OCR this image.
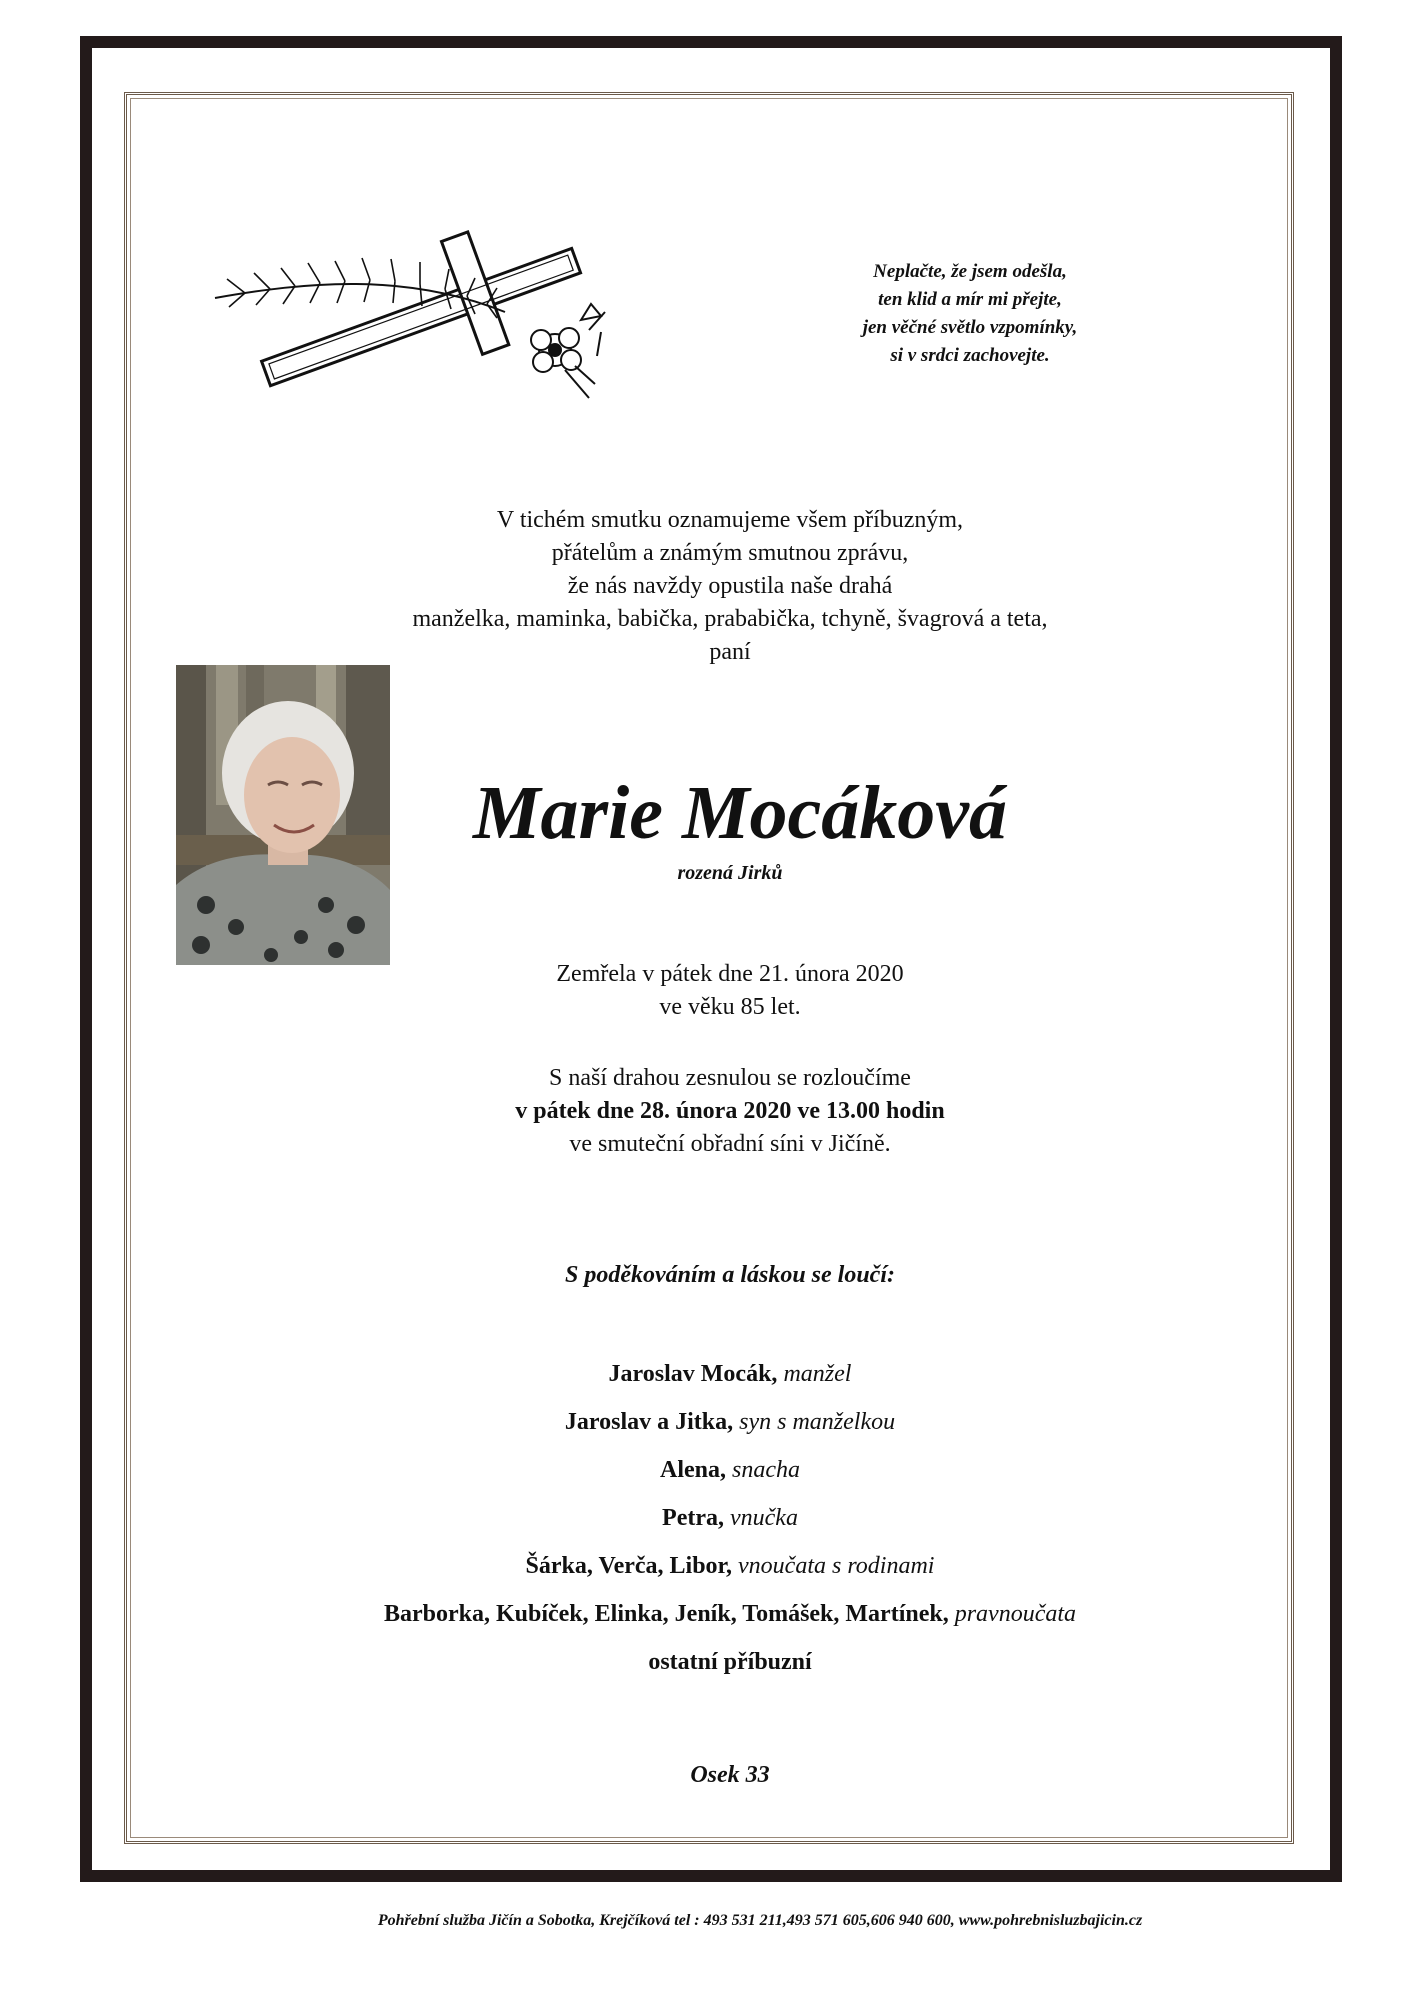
Neplačte, že jsem odešla,
ten klid a mír mi přejte,
jen věčné světlo vzpomínky,
si v srdci zachovejte.
V tichém smutku oznamujeme všem příbuzným,
přátelům a známým smutnou zprávu,
že nás navždy opustila naše drahá
manželka, maminka, babička, prababička, tchyně, švagrová a teta,
paní
Marie Mocáková
rozená Jirků
Zemřela v pátek dne 21. února 2020
ve věku 85 let.
S naší drahou zesnulou se rozloučíme
v pátek dne 28. února 2020 ve 13.00 hodin
ve smuteční obřadní síni v Jičíně.
S poděkováním a láskou se loučí:
Jaroslav Mocák, manžel
Jaroslav a Jitka, syn s manželkou
Alena, snacha
Petra, vnučka
Šárka, Verča, Libor, vnoučata s rodinami
Barborka, Kubíček, Elinka, Jeník, Tomášek, Martínek, pravnoučata
ostatní příbuzní
Osek 33
Pohřební služba Jičín a Sobotka, Krejčíková tel : 493 531 211,493 571 605,606 940 600, www.pohrebnisluzbajicin.cz
